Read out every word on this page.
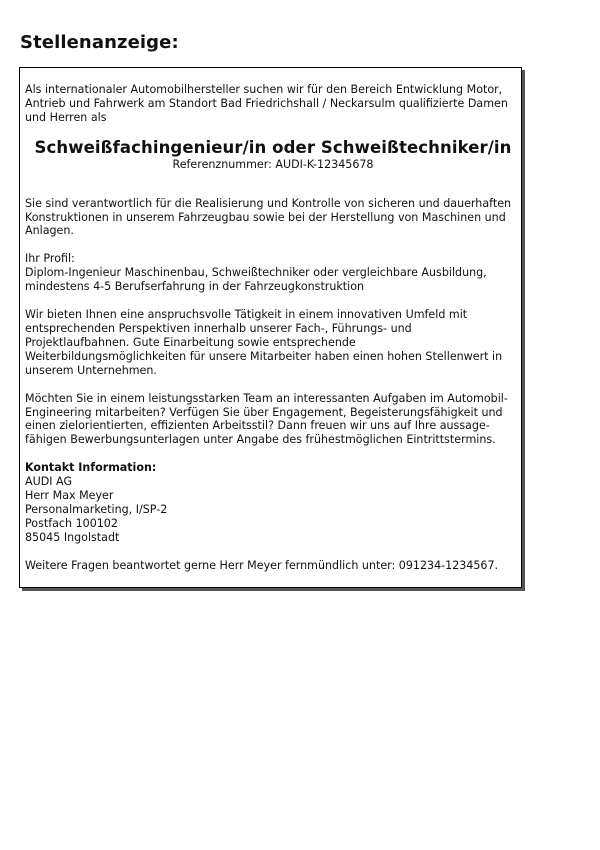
Stellenanzeige:

Als internationaler Automobilhersteller suchen wir für den Bereich Entwicklung Motor,
Antrieb und Fahrwerk am Standort Bad Friedrichshall / Neckarsulm qualifizierte Damen
und Herren als

Schweißfachingenieur/in oder Schweißtechniker/in
Referenznummer: AUDI-K-12345678

Sie sind verantwortlich für die Realisierung und Kontrolle von sicheren und dauerhaften
Konstruktionen in unserem Fahrzeugbau sowie bei der Herstellung von Maschinen und
Anlagen.

Ihr Profil:
Diplom-Ingenieur Maschinenbau, Schweißtechniker oder vergleichbare Ausbildung,
mindestens 4-5 Berufserfahrung in der Fahrzeugkonstruktion

Wir bieten Ihnen eine anspruchsvolle Tätigkeit in einem innovativen Umfeld mit
entsprechenden Perspektiven innerhalb unserer Fach-, Führungs- und
Projektlaufbahnen. Gute Einarbeitung sowie entsprechende
Weiterbildungsmöglichkeiten für unsere Mitarbeiter haben einen hohen Stellenwert in
unserem Unternehmen.

Möchten Sie in einem leistungsstarken Team an interessanten Aufgaben im Automobil-
Engineering mitarbeiten? Verfügen Sie über Engagement, Begeisterungsfähigkeit und
einen zielorientierten, effizienten Arbeitsstil? Dann freuen wir uns auf Ihre aussage-
fähigen Bewerbungsunterlagen unter Angabe des frühestmöglichen Eintrittstermins.

Kontakt Information:
AUDI AG
Herr Max Meyer
Personalmarketing, I/SP-2
Postfach 100102
85045 Ingolstadt

Weitere Fragen beantwortet gerne Herr Meyer fernmündlich unter: 091234-1234567.
